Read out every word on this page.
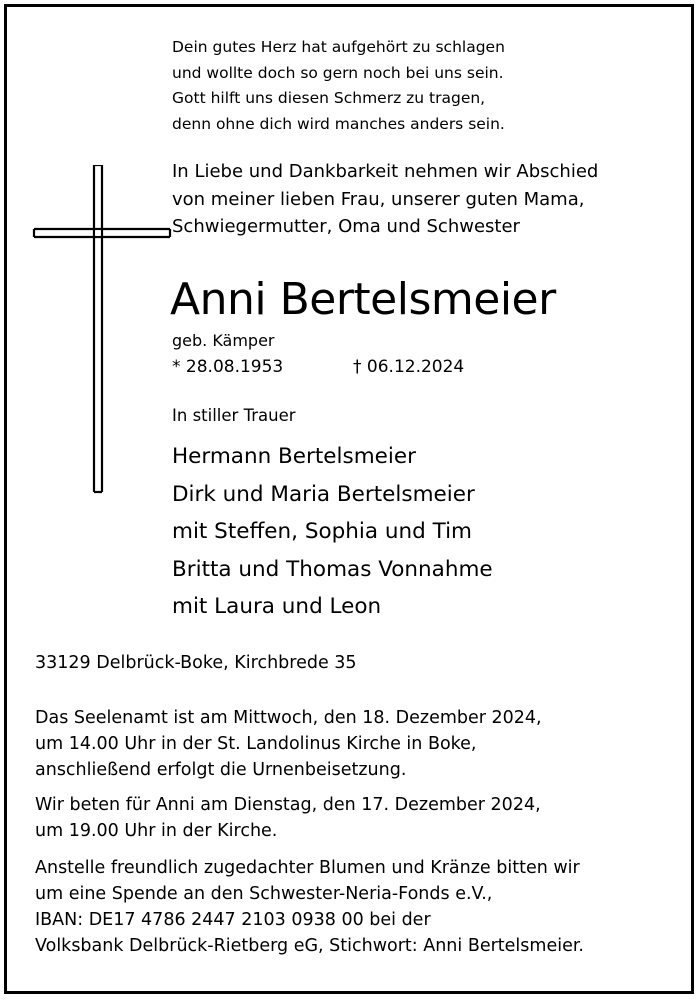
Dein gutes Herz hat aufgehört zu schlagen
und wollte doch so gern noch bei uns sein.
Gott hilft uns diesen Schmerz zu tragen,
denn ohne dich wird manches anders sein.
In Liebe und Dankbarkeit nehmen wir Abschied
von meiner lieben Frau, unserer guten Mama,
Schwiegermutter, Oma und Schwester
Anni Bertelsmeier
geb. Kämper
* 28.08.1953	† 06.12.2024
In stiller Trauer
Hermann Bertelsmeier
Dirk und Maria Bertelsmeier
mit Steffen, Sophia und Tim
Britta und Thomas Vonnahme
mit Laura und Leon
33129 Delbrück-Boke, Kirchbrede 35
Das Seelenamt ist am Mittwoch, den 18. Dezember 2024,
um 14.00 Uhr in der St. Landolinus Kirche in Boke,
anschließend erfolgt die Urnenbeisetzung.
Wir beten für Anni am Dienstag, den 17. Dezember 2024,
um 19.00 Uhr in der Kirche.
Anstelle freundlich zugedachter Blumen und Kränze bitten wir
um eine Spende an den Schwester-Neria-Fonds e.V.,
IBAN: DE17 4786 2447 2103 0938 00 bei der
Volksbank Delbrück-Rietberg eG, Stichwort: Anni Bertelsmeier.
